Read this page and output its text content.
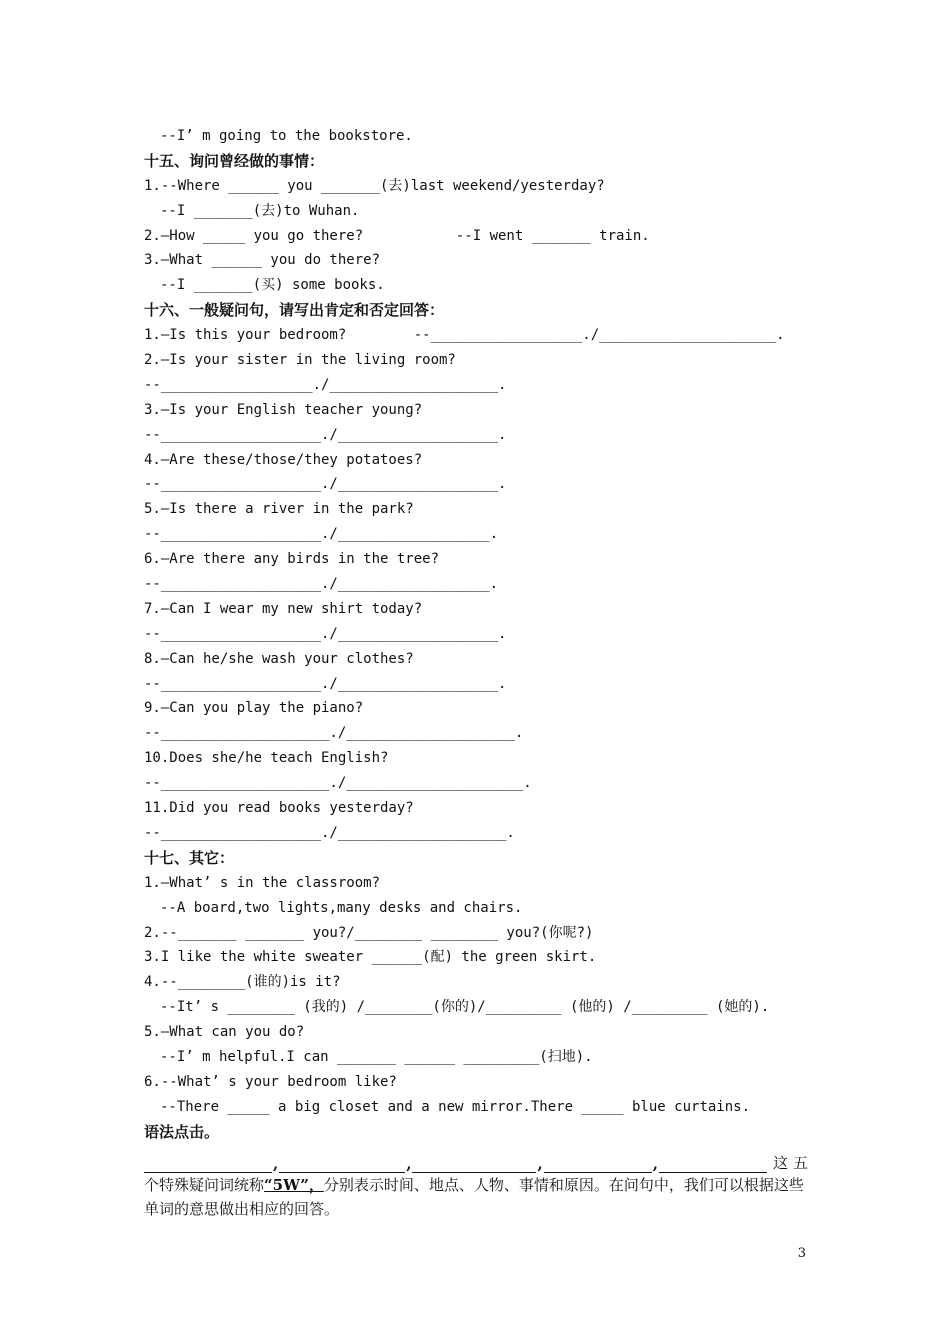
--I’ m going to the bookstore.
十五、询问曾经做的事情：
1.--Where ______ you _______(去)last weekend/yesterday?
--I _______(去)to Wuhan.
2.—How _____ you go there?           --I went _______ train.
3.—What ______ you do there?
--I _______(买) some books.
十六、一般疑问句，请写出肯定和否定回答：
1.—Is this your bedroom?        --__________________./_____________________.
2.—Is your sister in the living room?
--__________________./____________________.
3.—Is your English teacher young?
--___________________./___________________.
4.—Are these/those/they potatoes?
--___________________./___________________.
5.—Is there a river in the park?
--___________________./__________________.
6.—Are there any birds in the tree?
--___________________./__________________.
7.—Can I wear my new shirt today?
--___________________./___________________.
8.—Can he/she wash your clothes?
--___________________./___________________.
9.—Can you play the piano?
--____________________./____________________.
10.Does she/he teach English?
--____________________./_____________________.
11.Did you read books yesterday?
--___________________./____________________.
十七、其它：
1.—What’ s in the classroom?
--A board,two lights,many desks and chairs.
2.--_______ _______ you?/________ ________ you?(你呢?)
3.I like the white sweater ______(配) the green skirt.
4.--________(谁的)is it?
--It’ s ________ (我的) /________(你的)/_________ (他的) /_________ (她的).
5.—What can you do?
--I’ m helpful.I can _______ ______ _________(扫地).
6.--What’ s your bedroom like?
--There _____ a big closet and a new mirror.There _____ blue curtains.
语法点击。
,	,	,	,	这五
个特殊疑问词统称“5W”，分别表示时间、地点、人物、事情和原因。在问句中，我们可以根据这些单词的意思做出相应的回答。
3
